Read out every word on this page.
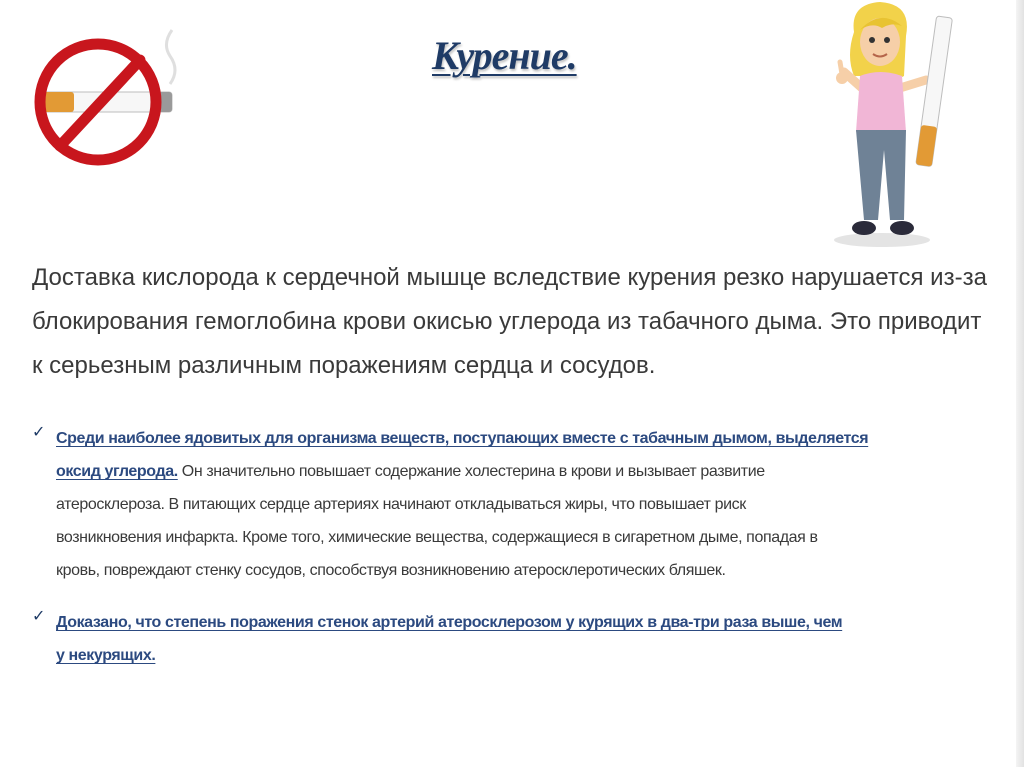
Курение.

Доставка кислорода к сердечной мышце вследствие курения резко нарушается из-за
блокирования гемоглобина крови окисью углерода из табачного дыма. Это приводит
к серьезным различным поражениям сердца и сосудов.

✓ Среди наиболее ядовитых для организма веществ, поступающих вместе с табачным дымом, выделяется
оксид углерода. Он значительно повышает содержание холестерина в крови и вызывает развитие
атеросклероза. В питающих сердце артериях начинают откладываться жиры, что повышает риск
возникновения инфаркта. Кроме того, химические вещества, содержащиеся в сигаретном дыме, попадая в
кровь, повреждают стенку сосудов, способствуя возникновению атеросклеротических бляшек.
✓ Доказано, что степень поражения стенок артерий атеросклерозом у курящих в два-три раза выше, чем
у некурящих.
